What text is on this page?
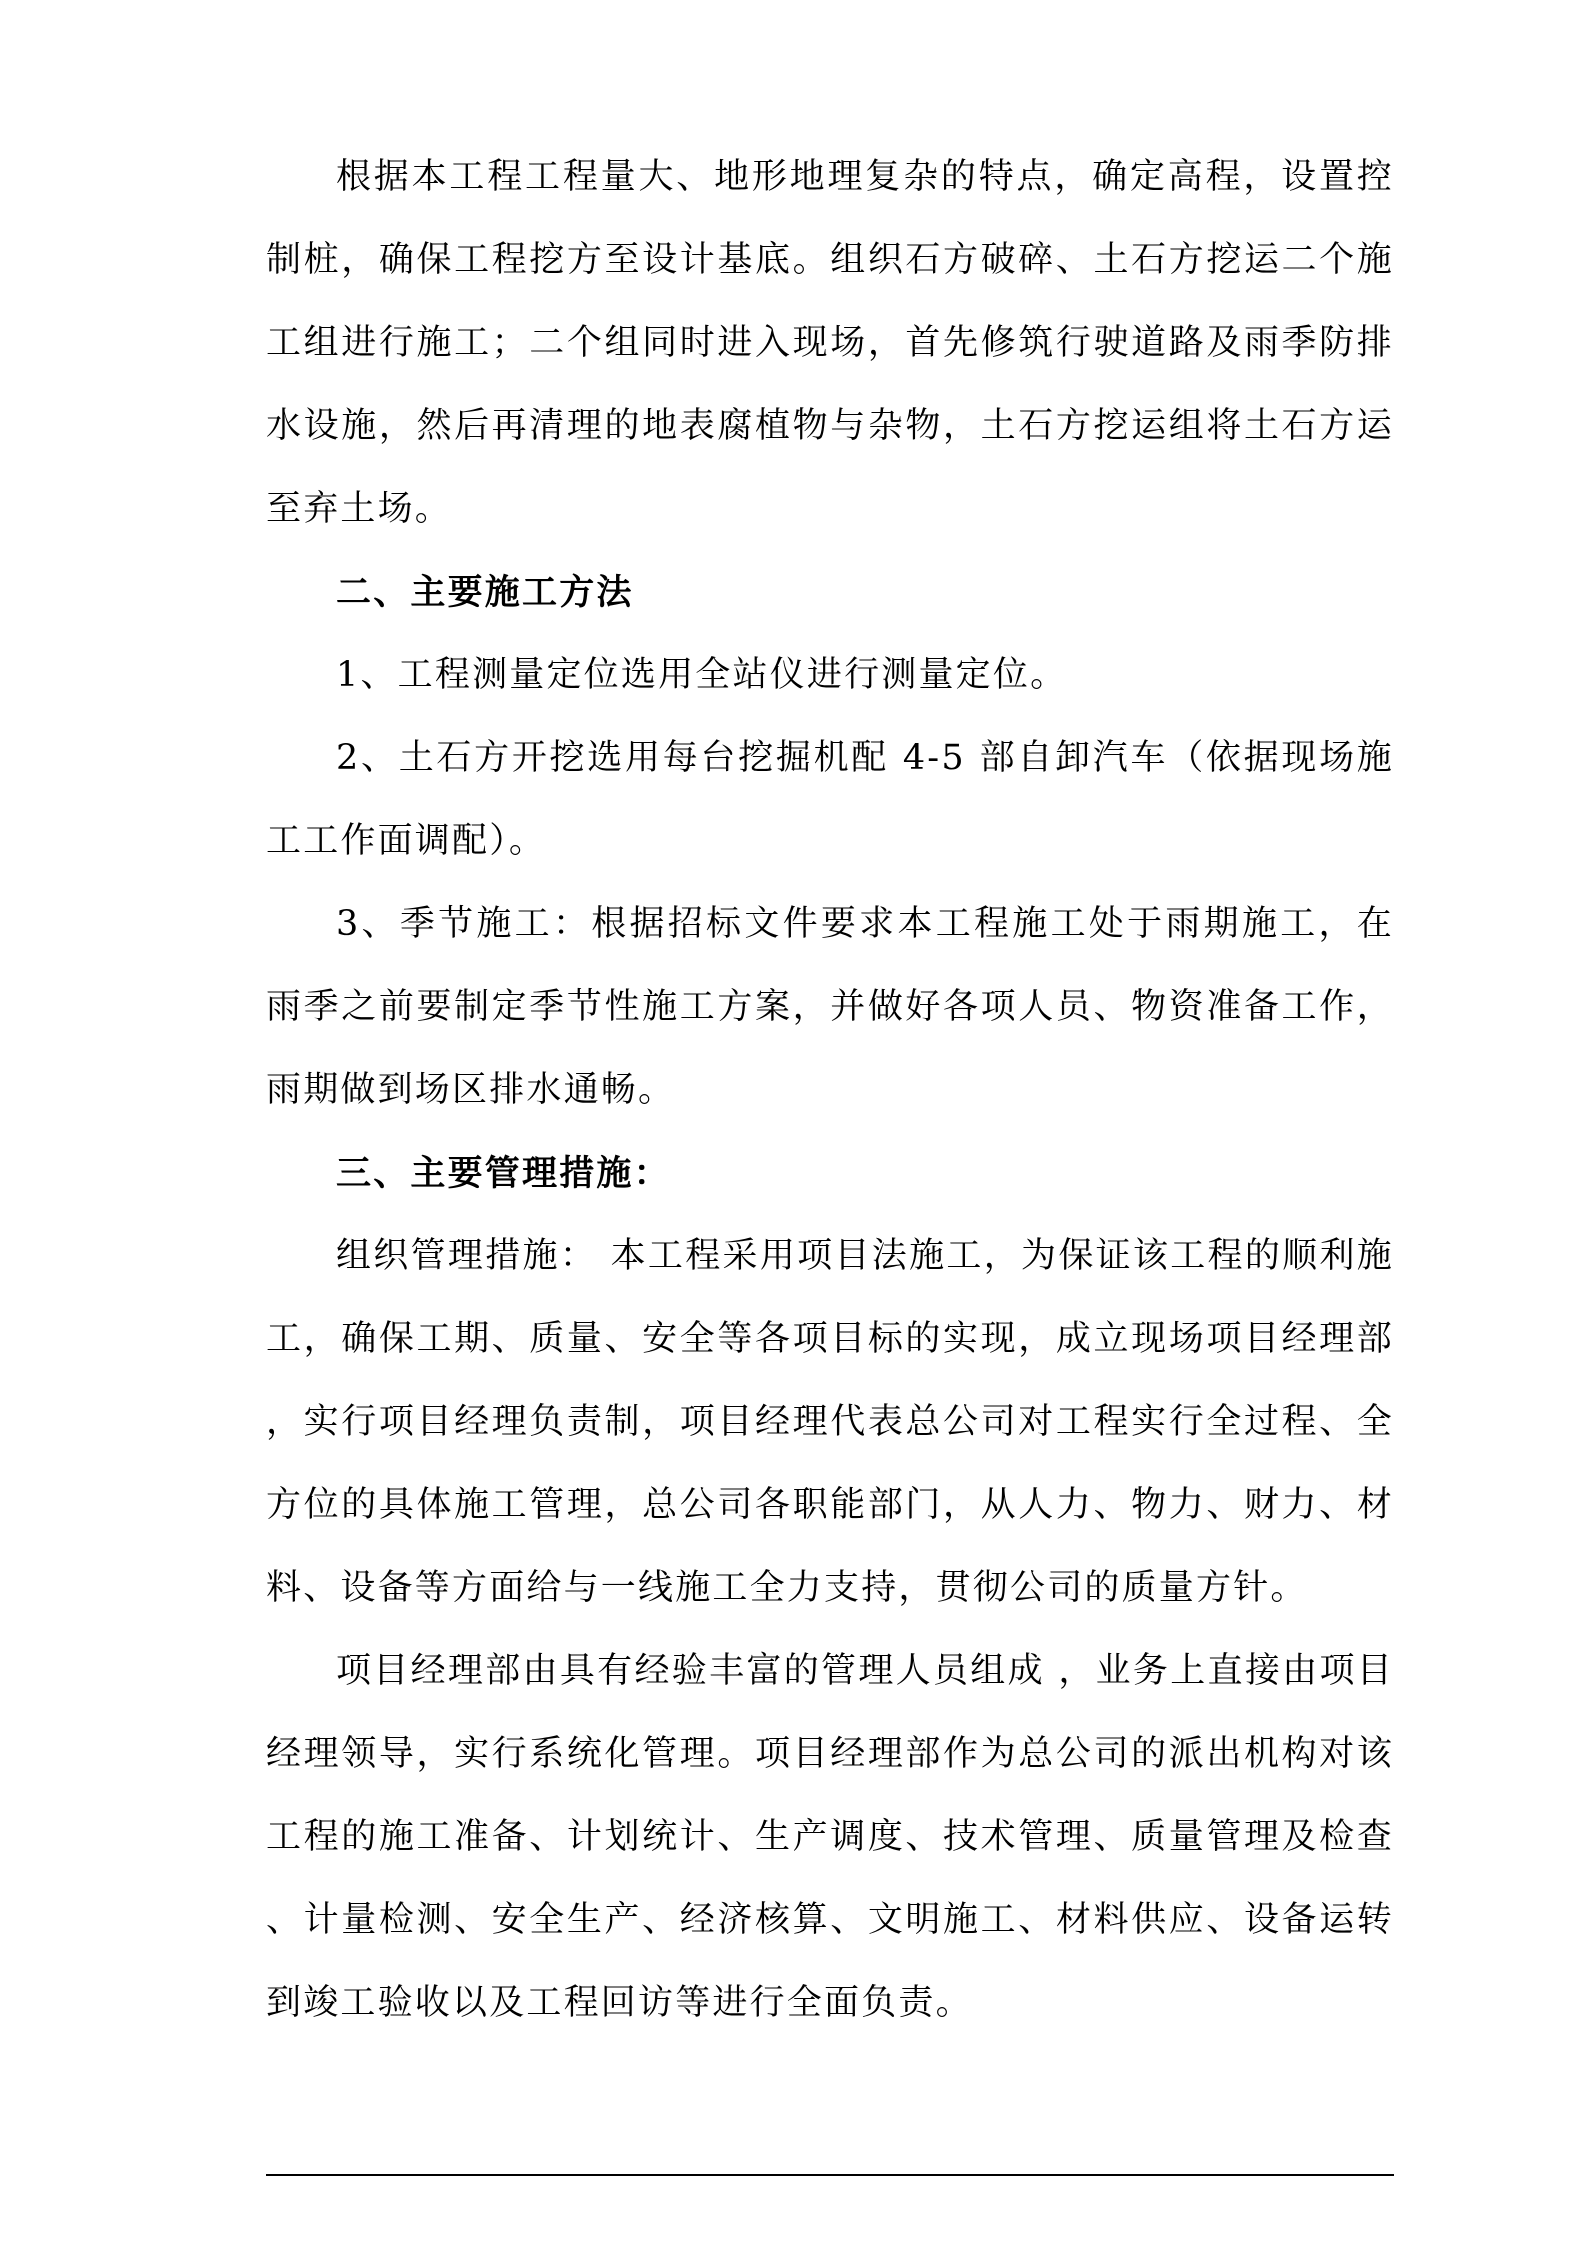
根据本工程工程量大、地形地理复杂的特点，确定高程，设置控制桩，确保工程挖方至设计基底。组织石方破碎、土石方挖运二个施工组进行施工；二个组同时进入现场，首先修筑行驶道路及雨季防排水设施，然后再清理的地表腐植物与杂物，土石方挖运组将土石方运至弃土场。

二、主要施工方法

1、工程测量定位选用全站仪进行测量定位。

2、土石方开挖选用每台挖掘机配 4-5 部自卸汽车（依据现场施工工作面调配）。

3、季节施工：根据招标文件要求本工程施工处于雨期施工，在雨季之前要制定季节性施工方案，并做好各项人员、物资准备工作，雨期做到场区排水通畅。

三、主要管理措施：

组织管理措施： 本工程采用项目法施工，为保证该工程的顺利施工，确保工期、质量、安全等各项目标的实现，成立现场项目经理部，实行项目经理负责制，项目经理代表总公司对工程实行全过程、全方位的具体施工管理，总公司各职能部门，从人力、物力、财力、材料、设备等方面给与一线施工全力支持，贯彻公司的质量方针。

项目经理部由具有经验丰富的管理人员组成 ，业务上直接由项目经理领导，实行系统化管理。项目经理部作为总公司的派出机构对该工程的施工准备、计划统计、生产调度、技术管理、质量管理及检查、计量检测、安全生产、经济核算、文明施工、材料供应、设备运转到竣工验收以及工程回访等进行全面负责。
